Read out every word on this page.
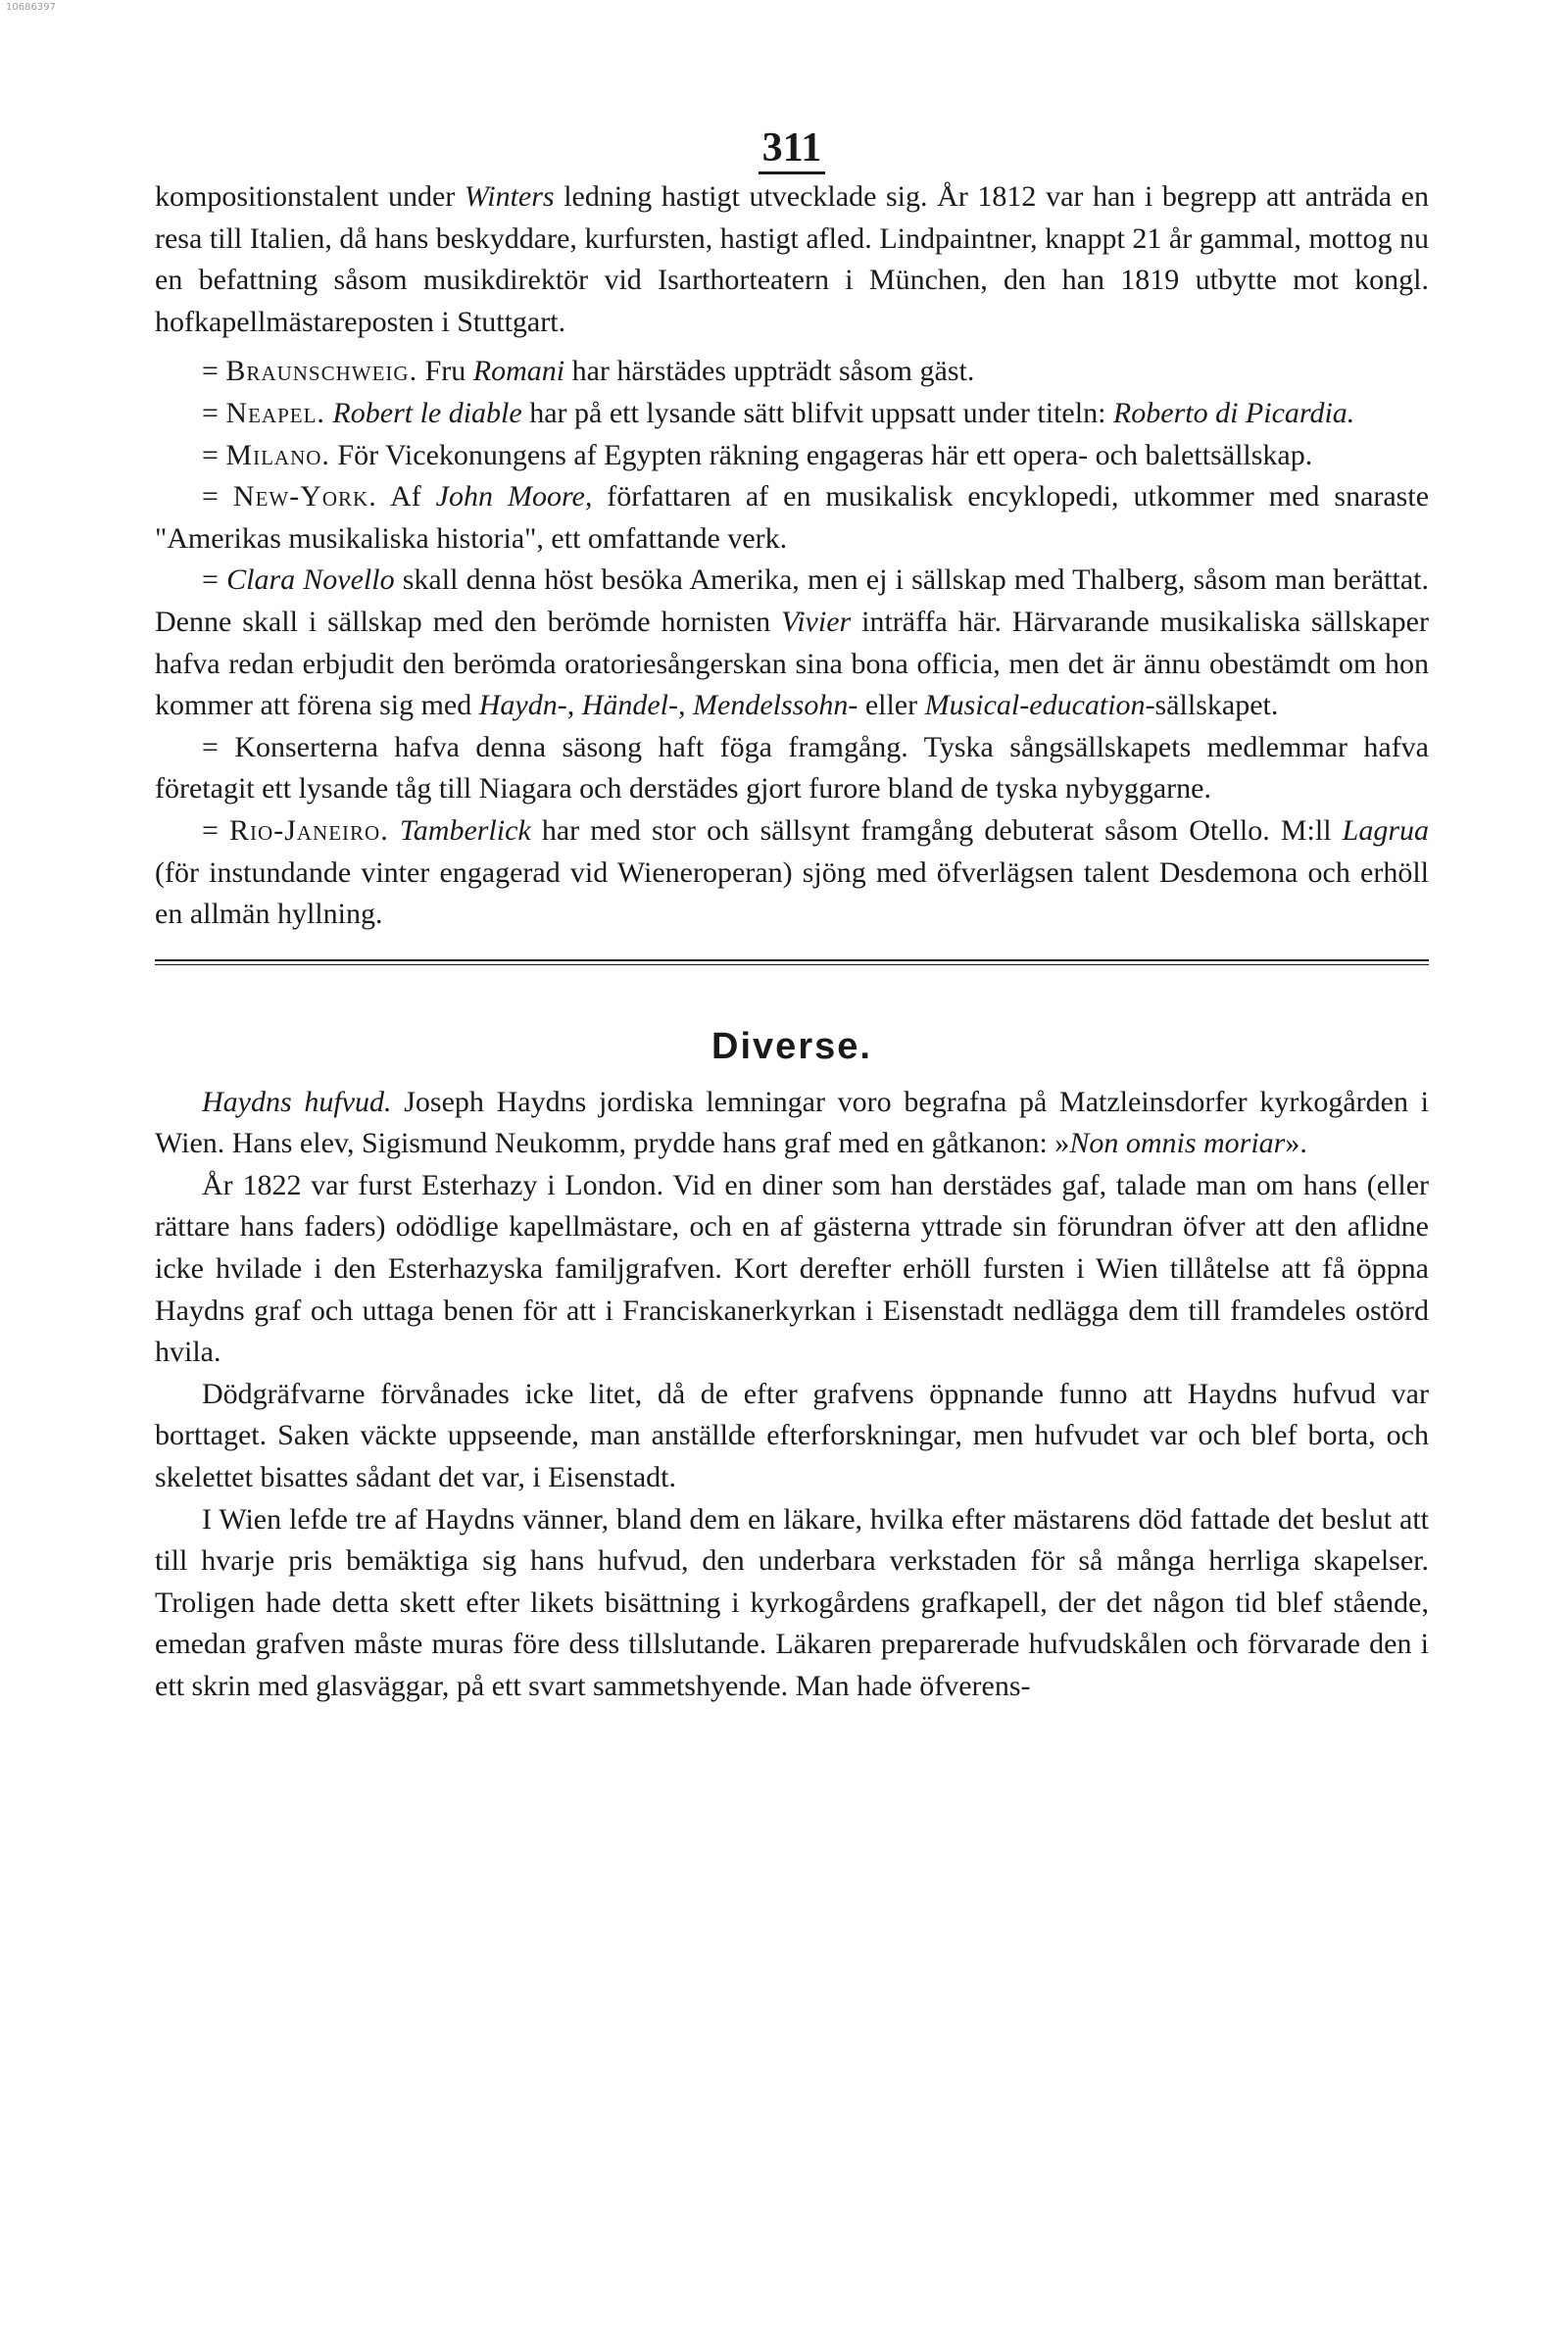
10686397
311

kompositionstalent under Winters ledning hastigt utvecklade sig. År 1812 var han i begrepp att anträda en resa till Italien, då hans beskyddare, kurfursten, hastigt afled. Lindpaintner, knappt 21 år gammal, mottog nu en befattning såsom musikdirektör vid Isarthorteatern i München, den han 1819 utbytte mot kongl. hofkapellmästareposten i Stuttgart.

= Braunschweig. Fru Romani har härstädes uppträdt såsom gäst.

= Neapel. Robert le diable har på ett lysande sätt blifvit uppsatt under titeln: Roberto di Picardia.

= Milano. För Vicekonungens af Egypten räkning engageras här ett opera- och balettsällskap.

= New-York. Af John Moore, författaren af en musikalisk encyklopedi, utkommer med snaraste "Amerikas musikaliska historia", ett omfattande verk.

= Clara Novello skall denna höst besöka Amerika, men ej i sällskap med Thalberg, såsom man berättat. Denne skall i sällskap med den berömde hornisten Vivier inträffa här. Härvarande musikaliska sällskaper hafva redan erbjudit den berömda oratoriesångerskan sina bona officia, men det är ännu obestämdt om hon kommer att förena sig med Haydn-, Händel-, Mendelssohn- eller Musical-education-sällskapet.

= Konserterna hafva denna säsong haft föga framgång. Tyska sångsällskapets medlemmar hafva företagit ett lysande tåg till Niagara och derstädes gjort furore bland de tyska nybyggarne.

= Rio-Janeiro. Tamberlick har med stor och sällsynt framgång debuterat såsom Otello. M:ll Lagrua (för instundande vinter engagerad vid Wieneroperan) sjöng med öfverlägsen talent Desdemona och erhöll en allmän hyllning.

Diverse.

Haydns hufvud. Joseph Haydns jordiska lemningar voro begrafna på Matzleinsdorfer kyrkogården i Wien. Hans elev, Sigismund Neukomm, prydde hans graf med en gåtkanon: »Non omnis moriar».

År 1822 var furst Esterhazy i London. Vid en diner som han derstädes gaf, talade man om hans (eller rättare hans faders) odödlige kapellmästare, och en af gästerna yttrade sin förundran öfver att den aflidne icke hvilade i den Esterhazyska familjgrafven. Kort derefter erhöll fursten i Wien tillåtelse att få öppna Haydns graf och uttaga benen för att i Franciskanerkyrkan i Eisenstadt nedlägga dem till framdeles ostörd hvila.

Dödgräfvarne förvånades icke litet, då de efter grafvens öppnande funno att Haydns hufvud var borttaget. Saken väckte uppseende, man anställde efterforskningar, men hufvudet var och blef borta, och skelettet bisattes sådant det var, i Eisenstadt.

I Wien lefde tre af Haydns vänner, bland dem en läkare, hvilka efter mästarens död fattade det beslut att till hvarje pris bemäktiga sig hans hufvud, den underbara verkstaden för så många herrliga skapelser. Troligen hade detta skett efter likets bisättning i kyrkogårdens grafkapell, der det någon tid blef stående, emedan grafven måste muras före dess tillslutande. Läkaren preparerade hufvudskålen och förvarade den i ett skrin med glasväggar, på ett svart sammetshyende. Man hade öfverens-
